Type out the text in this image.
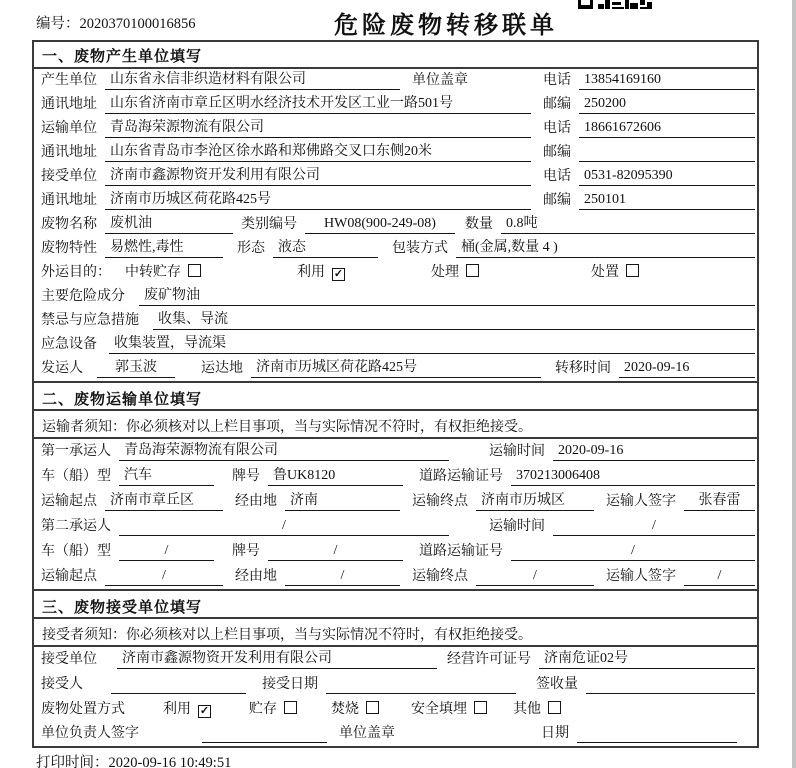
编号：2020370100016856	危险废物转移联单
一、废物产生单位填写
产生单位 山东省永信非织造材料有限公司	单位盖章	电话 13854169160
通讯地址 山东省济南市章丘区明水经济技术开发区工业一路501号	邮编 250200
运输单位 青岛海荣源物流有限公司	电话 18661672606
通讯地址 山东省青岛市李沧区徐水路和郑佛路交叉口东侧20米	邮编
接受单位 济南市鑫源物资开发利用有限公司	电话 0531-82095390
通讯地址 济南市历城区荷花路425号	邮编 250101
废物名称 废机油	类别编号	HW08(900-249-08)	数量 0.8吨
废物特性 易燃性,毒性	形态 液态	包装方式 桶(金属,数量 4 )
外运目的：	中转贮存	利用 ✓	处理	处置
主要危险成分	废矿物油
禁忌与应急措施	收集、导流
应急设备	收集装置，导流渠
发运人	郭玉波	运达地 济南市历城区荷花路425号	转移时间 2020-09-16
二、废物运输单位填写
运输者须知：你必须核对以上栏目事项，当与实际情况不符时，有权拒绝接受。
第一承运人 青岛海荣源物流有限公司	运输时间 2020-09-16
车（船）型 汽车	牌号 鲁UK8120	道路运输证号 370213006408
运输起点 济南市章丘区	经由地 济南	运输终点 济南市历城区	运输人签字	张春雷
第二承运人	/	运输时间	/
车（船）型	/	牌号	/	道路运输证号	/
运输起点	/	经由地	/	运输终点	/	运输人签字	/
三、废物接受单位填写
接受者须知：你必须核对以上栏目事项，当与实际情况不符时，有权拒绝接受。
接受单位	济南市鑫源物资开发利用有限公司	经营许可证号 济南危证02号
接受人	接受日期	签收量
废物处置方式	利用 ✓	贮存	焚烧	安全填埋	其他
单位负责人签字	单位盖章	日期
打印时间：2020-09-16 10:49:51
